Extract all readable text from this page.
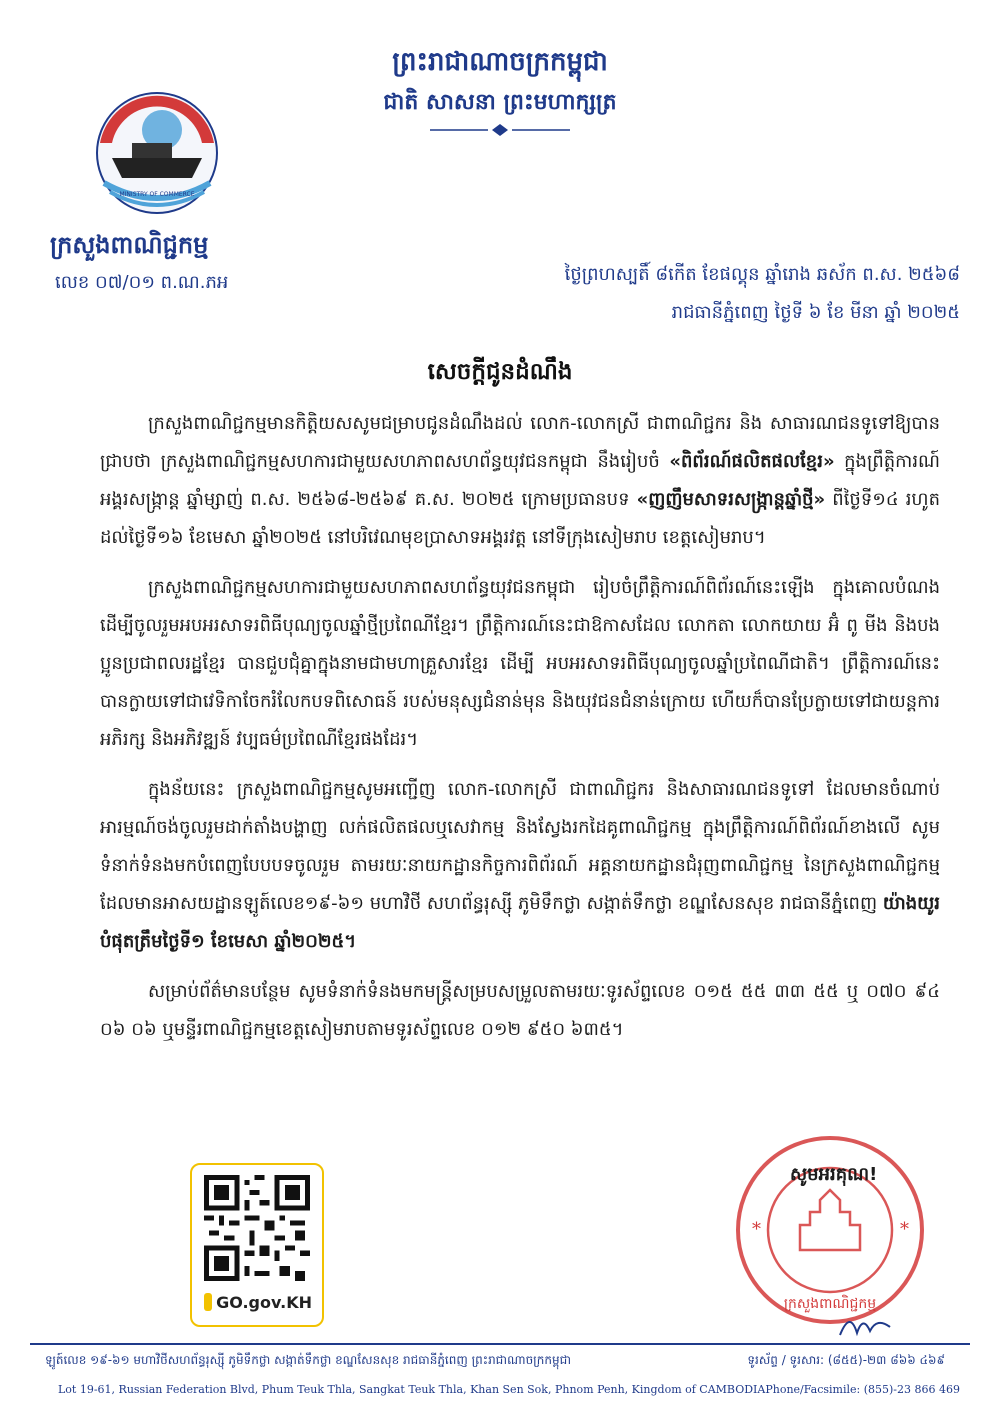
MINISTRY OF COMMERCE
ក្រសួងពាណិជ្ជកម្ម
លេខ ០៧/០១ ព.ណ.ភអ
ព្រះរាជាណាចក្រកម្ពុជា
ជាតិ សាសនា ព្រះមហាក្សត្រ
ថ្ងៃព្រហស្បតិ៍ ៨កើត ខែផល្គុន ឆ្នាំរោង ឆស័ក ព.ស. ២៥៦៨
រាជធានីភ្នំពេញ ថ្ងៃទី ៦ ខែ មីនា ឆ្នាំ ២០២៥
សេចក្ដីជូនដំណឹង

ក្រសួងពាណិជ្ជកម្មមានកិត្តិយសសូមជម្រាបជូនដំណឹងដល់ លោក-លោកស្រី ជាពាណិជ្ជករ និង សាធារណជនទូទៅឱ្យបានជ្រាបថា ក្រសួងពាណិជ្ជកម្មសហការជាមួយសហភាពសហព័ន្ធយុវជនកម្ពុជា នឹងរៀបចំ «ពិព័រណ៍ផលិតផលខ្មែរ» ក្នុងព្រឹត្តិការណ៍អង្គរសង្ក្រាន្ត ឆ្នាំម្សាញ់ ព.ស. ២៥៦៨-២៥៦៩ គ.ស. ២០២៥ ក្រោមប្រធានបទ «ញញឹមសាទរសង្ក្រាន្តឆ្នាំថ្មី» ពីថ្ងៃទី១៤ រហូតដល់ថ្ងៃទី១៦ ខែមេសា ឆ្នាំ២០២៥ នៅបរិវេណមុខប្រាសាទអង្គរវត្ត នៅទីក្រុងសៀមរាប ខេត្តសៀមរាប។

ក្រសួងពាណិជ្ជកម្មសហការជាមួយសហភាពសហព័ន្ធយុវជនកម្ពុជា រៀបចំព្រឹត្តិការណ៍ពិព័រណ៍នេះឡើង ក្នុងគោលបំណង ដើម្បីចូលរួមអបអរសាទរពិធីបុណ្យចូលឆ្នាំថ្មីប្រពៃណីខ្មែរ។ ព្រឹត្តិការណ៍នេះជាឱកាសដែល លោកតា លោកយាយ អ៊ំ ពូ មីង និងបងប្អូនប្រជាពលរដ្ឋខ្មែរ បានជួបជុំគ្នាក្នុងនាមជាមហាគ្រួសារខ្មែរ ដើម្បី អបអរសាទរពិធីបុណ្យចូលឆ្នាំប្រពៃណីជាតិ។ ព្រឹត្តិការណ៍នេះបានក្លាយទៅជាវេទិកាចែករំលែកបទពិសោធន៍ របស់មនុស្សជំនាន់មុន និងយុវជនជំនាន់ក្រោយ ហើយក៏បានប្រែក្លាយទៅជាយន្តការអភិរក្ស និងអភិវឌ្ឍន៍ វប្បធម៌ប្រពៃណីខ្មែរផងដែរ។

ក្នុងន័យនេះ ក្រសួងពាណិជ្ជកម្មសូមអញ្ជើញ លោក-លោកស្រី ជាពាណិជ្ជករ និងសាធារណជនទូទៅ ដែលមានចំណាប់អារម្មណ៍ចង់ចូលរួមដាក់តាំងបង្ហាញ លក់ផលិតផលឬសេវាកម្ម និងស្វែងរកដៃគូពាណិជ្ជកម្ម ក្នុងព្រឹត្តិការណ៍ពិព័រណ៍ខាងលើ សូមទំនាក់ទំនងមកបំពេញបែបបទចូលរួម តាមរយៈនាយកដ្ឋានកិច្ចការពិព័រណ៍ អគ្គនាយកដ្ឋានជំរុញពាណិជ្ជកម្ម នៃក្រសួងពាណិជ្ជកម្ម ដែលមានអាសយដ្ឋានឡូត៍លេខ១៩-៦១ មហាវិថី សហព័ន្ធរុស្ស៊ី ភូមិទឹកថ្លា សង្កាត់ទឹកថ្លា ខណ្ឌសែនសុខ រាជធានីភ្នំពេញ យ៉ាងយូរបំផុតត្រឹមថ្ងៃទី១ ខែមេសា ឆ្នាំ២០២៥។

សម្រាប់ព័ត៌មានបន្ថែម សូមទំនាក់ទំនងមកមន្ត្រីសម្របសម្រួលតាមរយៈទូរស័ព្ទលេខ ០១៥ ៥៥ ៣៣ ៥៥ ឬ ០៧០ ៩៤ ០៦ ០៦ ឬមន្ទីរពាណិជ្ជកម្មខេត្តសៀមរាបតាមទូរស័ព្ទលេខ ០១២ ៩៥០ ៦៣៥។

GO.gov.KH	ក្រសួងពាណិជ្ជកម្ម
*	*
សូមអរគុណ!
ឡូត៍លេខ ១៩-៦១ មហាវិថីសហព័ន្ធរុស្ស៊ី ភូមិទឹកថ្លា សង្កាត់ទឹកថ្លា ខណ្ឌសែនសុខ រាជធានីភ្នំពេញ ព្រះរាជាណាចក្រកម្ពុជា	ទូរស័ព្ទ / ទូរសារ: (៨៥៥)-២៣ ៨៦៦ ៤៦៩
Lot 19-61, Russian Federation Blvd, Phum Teuk Thla, Sangkat Teuk Thla, Khan Sen Sok, Phnom Penh, Kingdom of CAMBODIA Phone/Facsimile: (855)-23 866 469
